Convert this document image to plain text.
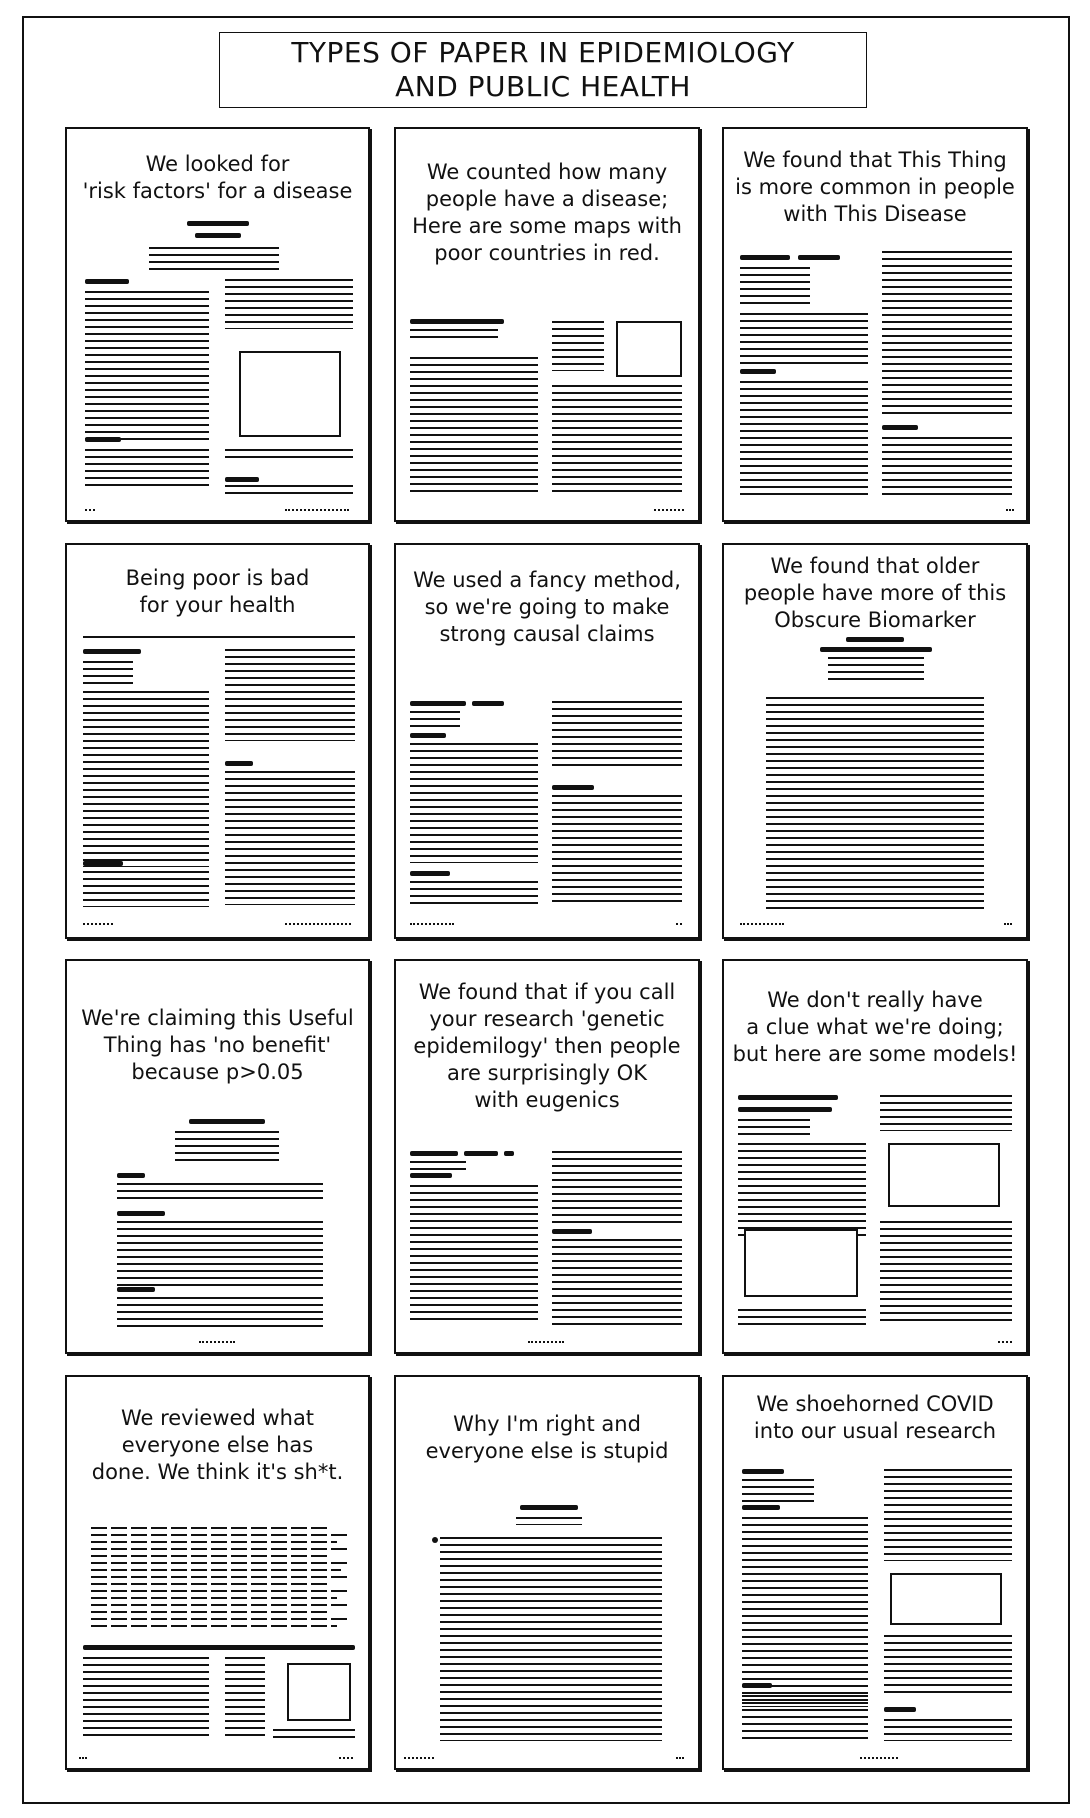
TYPES OF PAPER IN EPIDEMIOLOGY
AND PUBLIC HEALTH
We looked for
'risk factors' for a disease
We counted how many
people have a disease;
Here are some maps with
poor countries in red.
We found that This Thing
is more common in people
with This Disease
Being poor is bad
for your health
We used a fancy method,
so we're going to make
strong causal claims
We found that older
people have more of this
Obscure Biomarker
We're claiming this Useful
Thing has 'no benefit'
because p>0.05
We found that if you call
your research 'genetic
epidemilogy' then people
are surprisingly OK
with eugenics
We don't really have
a clue what we're doing;
but here are some models!
We reviewed what
everyone else has
done. We think it's sh*t.
Why I'm right and
everyone else is stupid
We shoehorned COVID
into our usual research
